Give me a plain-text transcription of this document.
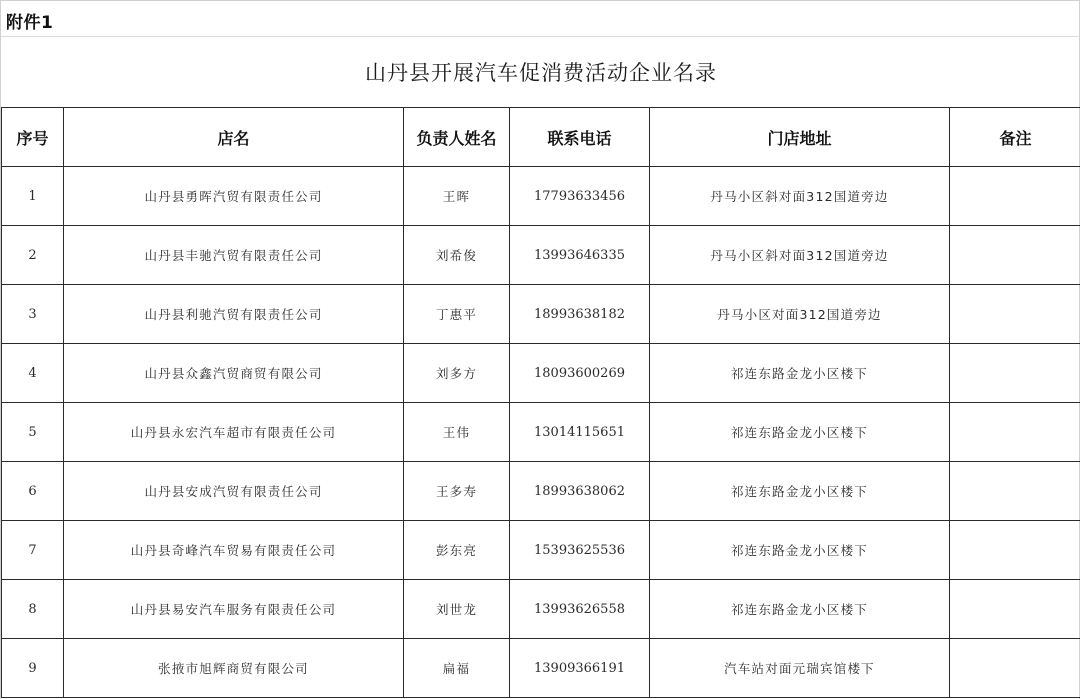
附件1
山丹县开展汽车促消费活动企业名录
序号	店名	负责人姓名	联系电话	门店地址	备注
1	山丹县勇晖汽贸有限责任公司	王晖	17793633456	丹马小区斜对面312国道旁边	
2	山丹县丰驰汽贸有限责任公司	刘希俊	13993646335	丹马小区斜对面312国道旁边	
3	山丹县利驰汽贸有限责任公司	丁惠平	18993638182	丹马小区对面312国道旁边	
4	山丹县众鑫汽贸商贸有限公司	刘多方	18093600269	祁连东路金龙小区楼下	
5	山丹县永宏汽车超市有限责任公司	王伟	13014115651	祁连东路金龙小区楼下	
6	山丹县安成汽贸有限责任公司	王多寿	18993638062	祁连东路金龙小区楼下	
7	山丹县奇峰汽车贸易有限责任公司	彭东亮	15393625536	祁连东路金龙小区楼下	
8	山丹县易安汽车服务有限责任公司	刘世龙	13993626558	祁连东路金龙小区楼下	
9	张掖市旭辉商贸有限公司	扁福	13909366191	汽车站对面元瑞宾馆楼下	
